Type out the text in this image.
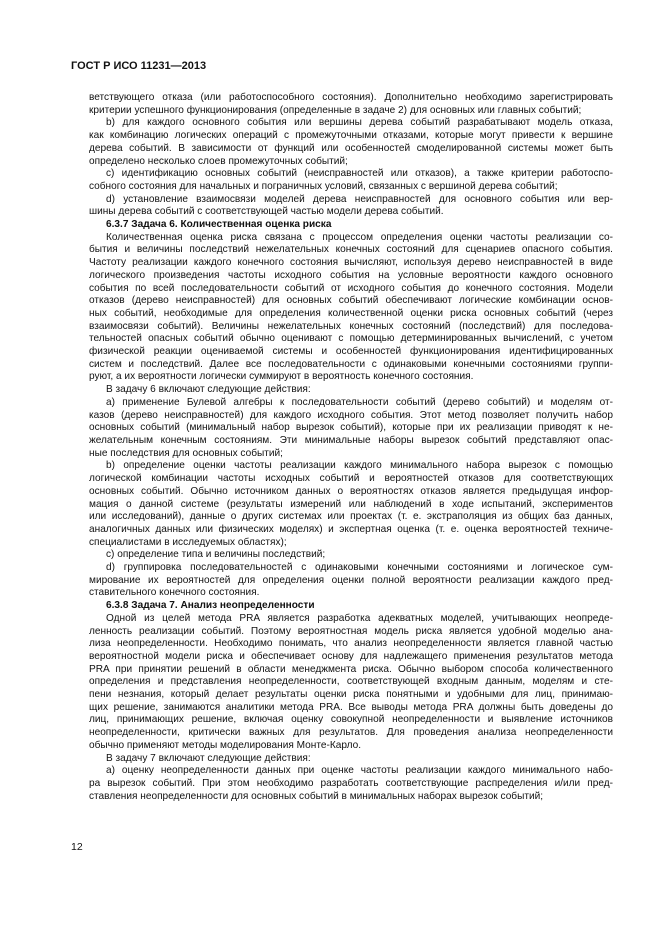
ГОСТ Р ИСО 11231—2013
ветствующего отказа (или работоспособного состояния). Дополнительно необходимо зарегистрировать
критерии успешного функционирования (определенные в задаче 2) для основных или главных событий;
b) для каждого основного события или вершины дерева событий разрабатывают модель отказа,
как комбинацию логических операций с промежуточными отказами, которые могут привести к вершине
дерева событий. В зависимости от функций или особенностей смоделированной системы может быть
определено несколько слоев промежуточных событий;
c) идентификацию основных событий (неисправностей или отказов), а также критерии работоспо-
собного состояния для начальных и пограничных условий, связанных с вершиной дерева событий;
d) установление взаимосвязи моделей дерева неисправностей для основного события или вер-
шины дерева событий с соответствующей частью модели дерева событий.
6.3.7 Задача 6. Количественная оценка риска
Количественная оценка риска связана с процессом определения оценки частоты реализации со-
бытия и величины последствий нежелательных конечных состояний для сценариев опасного события.
Частоту реализации каждого конечного состояния вычисляют, используя дерево неисправностей в виде
логического произведения частоты исходного события на условные вероятности каждого основного
события по всей последовательности событий от исходного события до конечного состояния. Модели
отказов (дерево неисправностей) для основных событий обеспечивают логические комбинации основ-
ных событий, необходимые для определения количественной оценки риска основных событий (через
взаимосвязи событий). Величины нежелательных конечных состояний (последствий) для последова-
тельностей опасных событий обычно оценивают с помощью детерминированных вычислений, с учетом
физической реакции оцениваемой системы и особенностей функционирования идентифицированных
систем и последствий. Далее все последовательности с одинаковыми конечными состояниями группи-
руют, а их вероятности логически суммируют в вероятность конечного состояния.
В задачу 6 включают следующие действия:
a) применение Булевой алгебры к последовательности событий (дерево событий) и моделям от-
казов (дерево неисправностей) для каждого исходного события. Этот метод позволяет получить набор
основных событий (минимальный набор вырезок событий), которые при их реализации приводят к не-
желательным конечным состояниям. Эти минимальные наборы вырезок событий представляют опас-
ные последствия для основных событий;
b) определение оценки частоты реализации каждого минимального набора вырезок с помощью
логической комбинации частоты исходных событий и вероятностей отказов для соответствующих
основных событий. Обычно источником данных о вероятностях отказов является предыдущая инфор-
мация о данной системе (результаты измерений или наблюдений в ходе испытаний, экспериментов
или исследований), данные о других системах или проектах (т. е. экстраполяция из общих баз данных,
аналогичных данных или физических моделях) и экспертная оценка (т. е. оценка вероятностей техниче-
специалистами в исследуемых областях);
c) определение типа и величины последствий;
d) группировка последовательностей с одинаковыми конечными состояниями и логическое сум-
мирование их вероятностей для определения оценки полной вероятности реализации каждого пред-
ставительного конечного состояния.
6.3.8 Задача 7. Анализ неопределенности
Одной из целей метода PRA является разработка адекватных моделей, учитывающих неопреде-
ленность реализации событий. Поэтому вероятностная модель риска является удобной моделью ана-
лиза неопределенности. Необходимо понимать, что анализ неопределенности является главной частью
вероятностной модели риска и обеспечивает основу для надлежащего применения результатов метода
PRA при принятии решений в области менеджмента риска. Обычно выбором способа количественного
определения и представления неопределенности, соответствующей входным данным, моделям и сте-
пени незнания, который делает результаты оценки риска понятными и удобными для лиц, принимаю-
щих решение, занимаются аналитики метода PRA. Все выводы метода PRA должны быть доведены до
лиц, принимающих решение, включая оценку совокупной неопределенности и выявление источников
неопределенности, критически важных для результатов. Для проведения анализа неопределенности
обычно применяют методы моделирования Монте-Карло.
В задачу 7 включают следующие действия:
a) оценку неопределенности данных при оценке частоты реализации каждого минимального набо-
ра вырезок событий. При этом необходимо разработать соответствующие распределения и/или пред-
ставления неопределенности для основных событий в минимальных наборах вырезок событий;
12
